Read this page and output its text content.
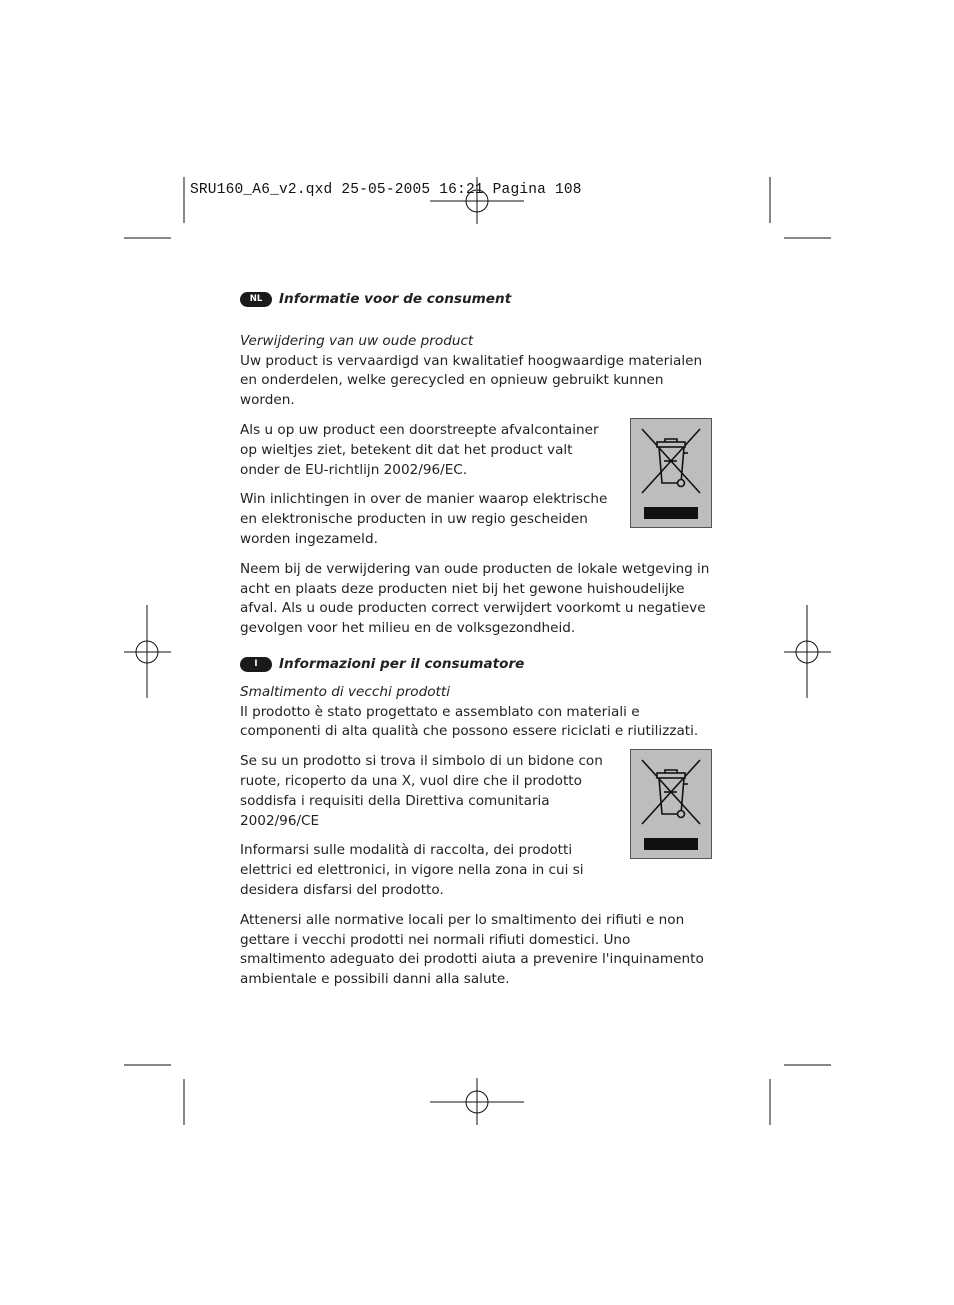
SRU160_A6_v2.qxd 25-05-2005 16:21 Pagina 108
NL	Informatie voor de consument
Verwijdering van uw oude product

Uw product is vervaardigd van kwalitatief hoogwaardige materialen en onderdelen, welke gerecycled en opnieuw gebruikt kunnen worden.

Als u op uw product een doorstreepte afvalcontainer op wieltjes ziet, betekent dit dat het product valt onder de EU-richtlijn 2002/96/EC.

Win inlichtingen in over de manier waarop elektrische en elektronische producten in uw regio gescheiden worden ingezameld.

Neem bij de verwijdering van oude producten de lokale wetgeving in acht en plaats deze producten niet bij het gewone huishoudelijke afval. Als u oude producten correct verwijdert voorkomt u negatieve gevolgen voor het milieu en de volksgezondheid.

I	Informazioni per il consumatore
Smaltimento di vecchi prodotti

Il prodotto è stato progettato e assemblato con materiali e componenti di alta qualità che possono essere riciclati e riutilizzati.

Se su un prodotto si trova il simbolo di un bidone con ruote, ricoperto da una X, vuol dire che il prodotto soddisfa i requisiti della Direttiva comunitaria 2002/96/CE

Informarsi sulle modalità di raccolta, dei prodotti elettrici ed elettronici, in vigore nella zona in cui si desidera disfarsi del prodotto.

Attenersi alle normative locali per lo smaltimento dei rifiuti e non gettare i vecchi prodotti nei normali rifiuti domestici. Uno smaltimento adeguato dei prodotti aiuta a prevenire l'inquinamento ambientale e possibili danni alla salute.
